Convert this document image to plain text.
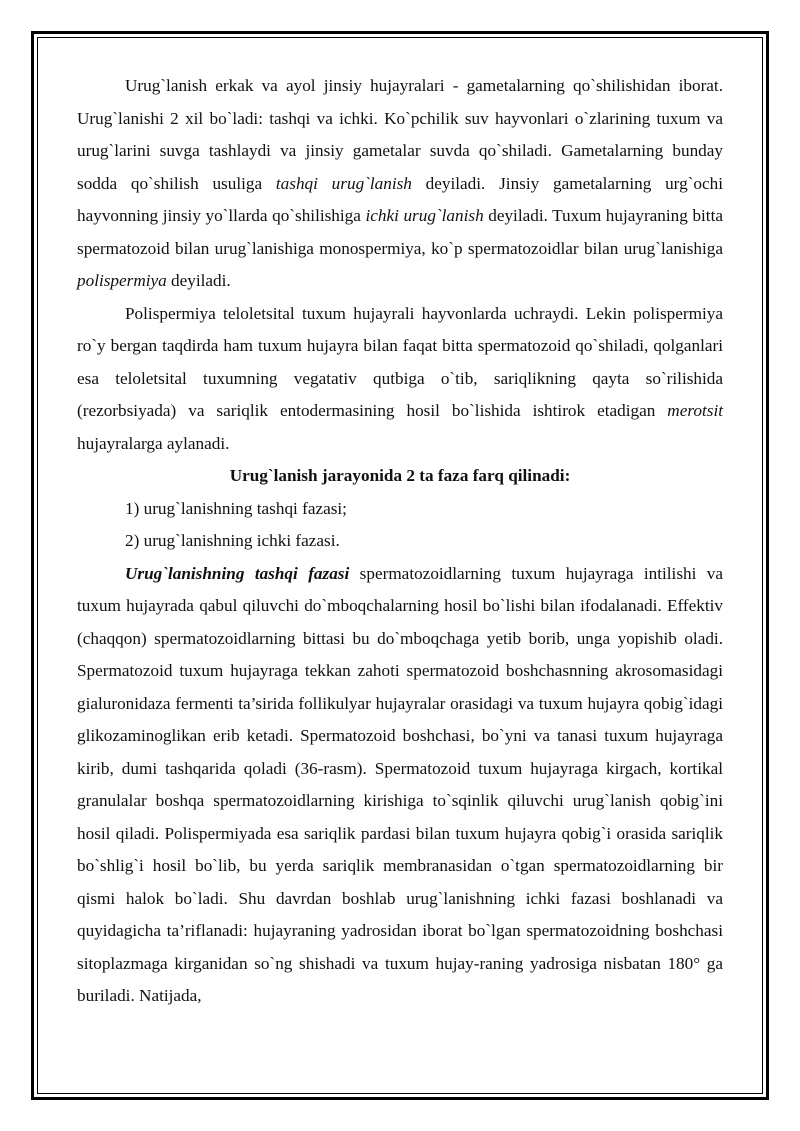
Urug`lanish erkak va ayol jinsiy hujayralari - gametalarning qo`shilishidan iborat. Urug`lanishi 2 xil bo`ladi: tashqi va ichki. Ko`pchilik suv hayvonlari o`zlarining tuxum va urug`larini suvga tashlaydi va jinsiy gametalar suvda qo`shiladi. Gametalarning bunday sodda qo`shilish usuliga tashqi urug`lanish deyiladi. Jinsiy gametalarning urg`ochi hayvonning jinsiy yo`llarda qo`shilishiga ichki urug`lanish deyiladi. Tuxum hujayraning bitta spermatozoid bilan urug`lanishiga monospermiya, ko`p spermatozoidlar bilan urug`lanishiga polispermiya deyiladi.

Polispermiya teloletsital tuxum hujayrali hayvonlarda uchraydi. Lekin polispermiya ro`y bergan taqdirda ham tuxum hujayra bilan faqat bitta spermatozoid qo`shiladi, qolganlari esa teloletsital tuxumning vegatativ qutbiga o`tib, sariqlikning qayta so`rilishida (rezorbsiyada) va sariqlik entodermasining hosil bo`lishida ishtirok etadigan merotsit hujayralarga aylanadi.

Urug`lanish jarayonida 2 ta faza farq qilinadi:

1) urug`lanishning tashqi fazasi;

2) urug`lanishning ichki fazasi.

Urug`lanishning tashqi fazasi spermatozoidlarning tuxum hujayraga intilishi va tuxum hujayrada qabul qiluvchi do`mboqchalarning hosil bo`lishi bilan ifodalanadi. Effektiv (chaqqon) spermatozoidlarning bittasi bu do`mboqchaga yetib borib, unga yopishib oladi. Spermatozoid tuxum hujayraga tekkan zahoti spermatozoid boshchasnning akrosomasidagi gialuronidaza fermenti ta’sirida follikulyar hujayralar orasidagi va tuxum hujayra qobig`idagi glikozaminoglikan erib ketadi. Spermatozoid boshchasi, bo`yni va tanasi tuxum hujayraga kirib, dumi tashqarida qoladi (36-rasm). Spermatozoid tuxum hujayraga kirgach, kortikal granulalar boshqa spermatozoidlarning kirishiga to`sqinlik qiluvchi urug`lanish qobig`ini hosil qiladi. Polispermiyada esa sariqlik pardasi bilan tuxum hujayra qobig`i orasida sariqlik bo`shlig`i hosil bo`lib, bu yerda sariqlik membranasidan o`tgan spermatozoidlarning bir qismi halok bo`ladi. Shu davrdan boshlab urug`lanishning ichki fazasi boshlanadi va quyidagicha ta’riflanadi: hujayraning yadrosidan iborat bo`lgan spermatozoidning boshchasi sitoplazmaga kirganidan so`ng shishadi va tuxum hujay-raning yadrosiga nisbatan 180° ga buriladi. Natijada,
